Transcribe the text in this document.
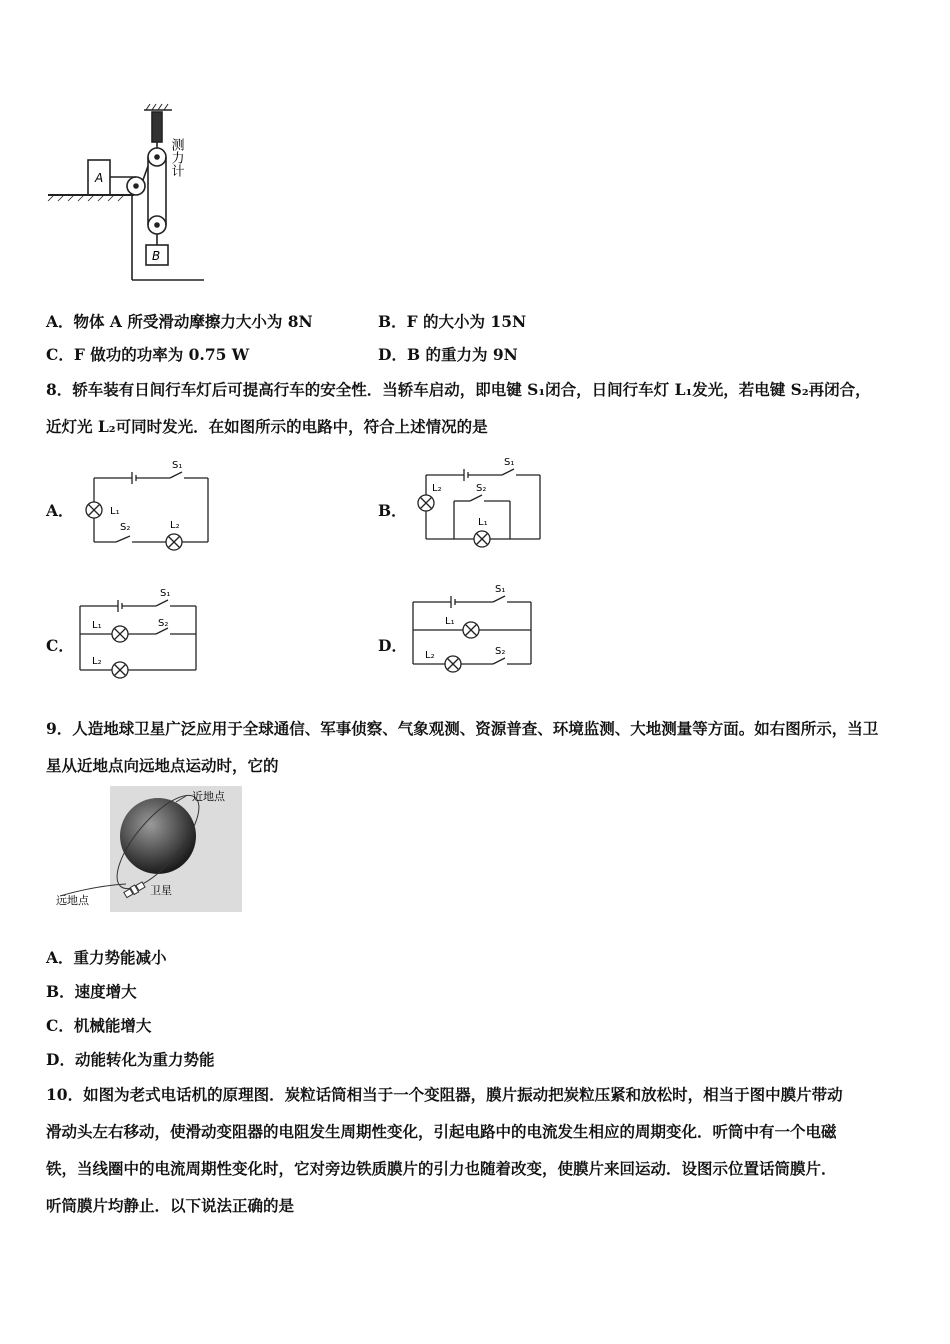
A
B
测力计
A．物体 A 所受滑动摩擦力大小为 8N	B．F 的大小为 15N
C．F 做功的功率为 0.75 W	D．B 的重力为 9N
8．轿车装有日间行车灯后可提高行车的安全性．当轿车启动，即电键 S₁闭合，日间行车灯 L₁发光，若电键 S₂再闭合，
近灯光 L₂可同时发光．在如图所示的电路中，符合上述情况的是
A．	B．
C．	D．
S₁
L₁
S₂	L₂
S₁
L₂	S₂
L₁
S₁
L₁	S₂
L₂
S₁
L₁
L₂	S₂
9．人造地球卫星广泛应用于全球通信、军事侦察、气象观测、资源普查、环境监测、大地测量等方面。如右图所示，当卫
星从近地点向远地点运动时，它的
近地点
远地点
卫星
A．重力势能减小
B．速度增大
C．机械能增大
D．动能转化为重力势能
10．如图为老式电话机的原理图．炭粒话筒相当于一个变阻器，膜片振动把炭粒压紧和放松时，相当于图中膜片带动
滑动头左右移动，使滑动变阻器的电阻发生周期性变化，引起电路中的电流发生相应的周期变化．听筒中有一个电磁
铁，当线圈中的电流周期性变化时，它对旁边铁质膜片的引力也随着改变，使膜片来回运动．设图示位置话筒膜片．
听筒膜片均静止．以下说法正确的是
